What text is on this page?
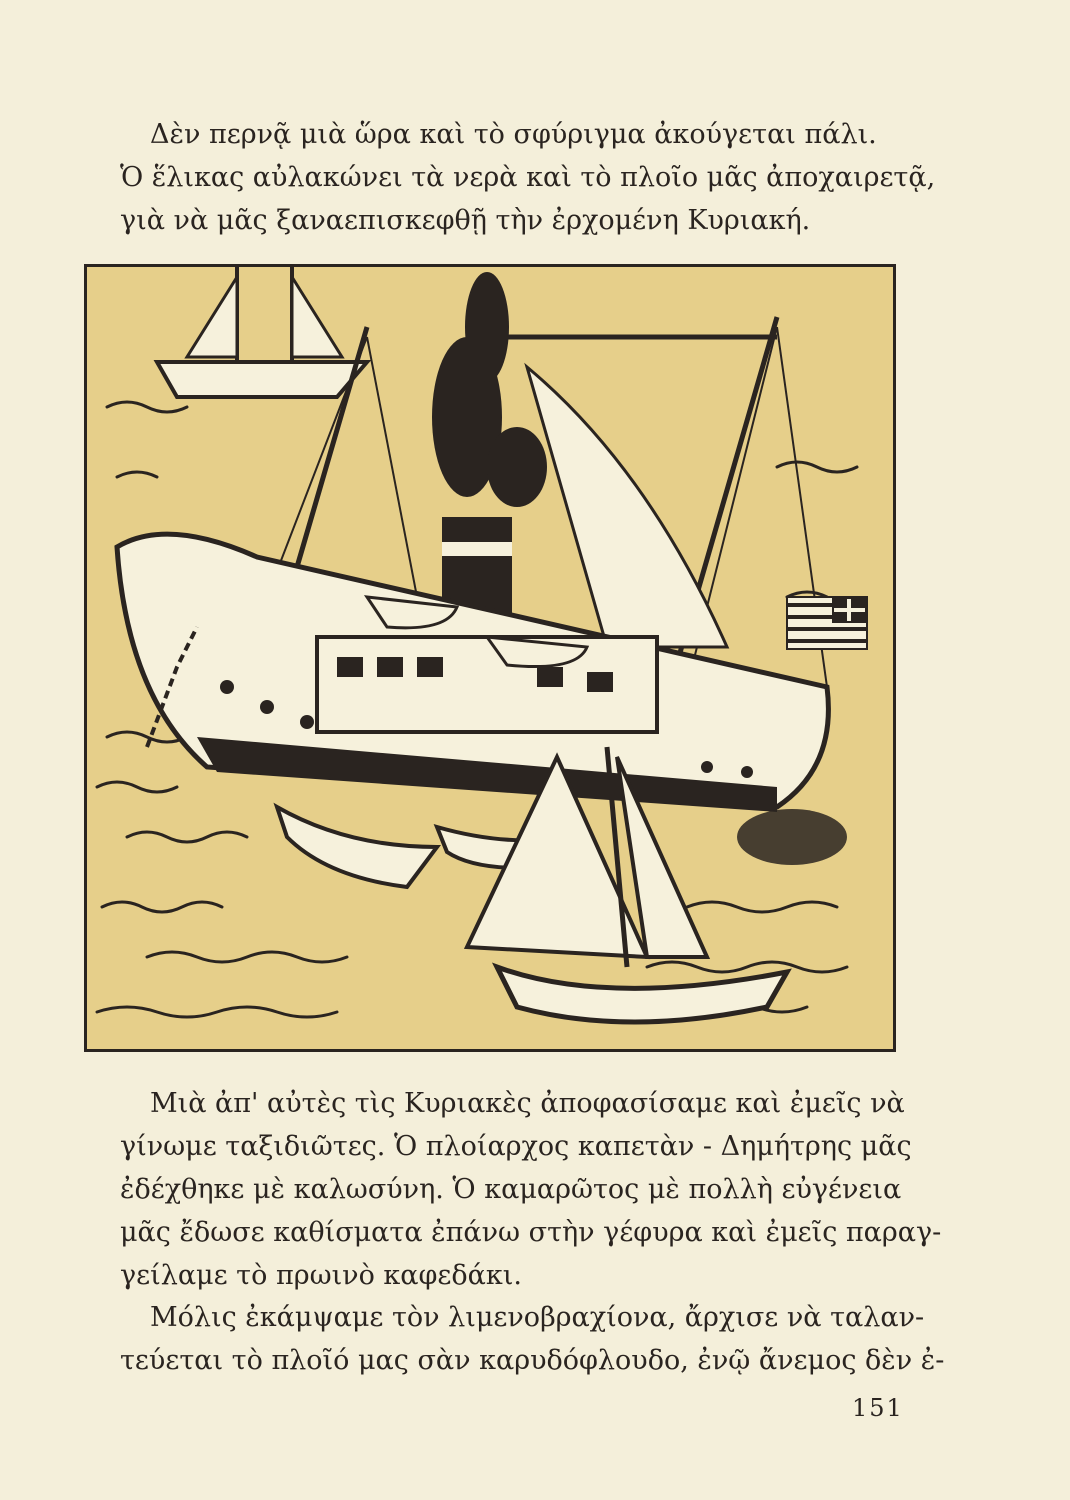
Δὲν περνᾷ μιὰ ὥρα καὶ τὸ σφύριγμα ἀκούγεται πάλι.
Ὁ ἕλικας αὐλακώνει τὰ νερὰ καὶ τὸ πλοῖο μᾶς ἀποχαιρετᾷ,
γιὰ νὰ μᾶς ξαναεπισκεφθῇ τὴν ἐρχομένη Κυριακή.
Μιὰ ἀπ' αὐτὲς τὶς Κυριακὲς ἀποφασίσαμε καὶ ἐμεῖς νὰ
γίνωμε ταξιδιῶτες. Ὁ πλοίαρχος καπετὰν - Δημήτρης μᾶς
ἐδέχθηκε μὲ καλωσύνη. Ὁ καμαρῶτος μὲ πολλὴ εὐγένεια
μᾶς ἔδωσε καθίσματα ἐπάνω στὴν γέφυρα καὶ ἐμεῖς παραγ-
γείλαμε τὸ πρωινὸ καφεδάκι.
Μόλις ἐκάμψαμε τὸν λιμενοβραχίονα, ἄρχισε νὰ ταλαν-
τεύεται τὸ πλοῖό μας σὰν καρυδόφλουδο, ἐνῷ ἄνεμος δὲν ἐ-
151
